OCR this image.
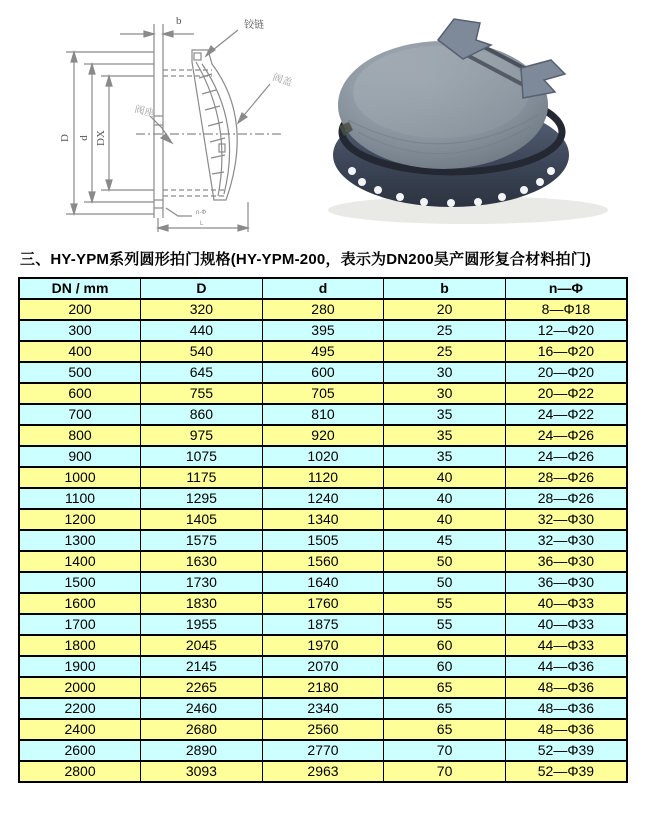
b	铰链
阀盖
阀座
D d DX
n-Φ
L
三、HY-YPM系列圆形拍门规格(HY-YPM-200，表示为DN200昊产圆形复合材料拍门)
DN / mm	D	d	b	n—Φ
200	320	280	20	8—Φ18
300	440	395	25	12—Φ20
400	540	495	25	16—Φ20
500	645	600	30	20—Φ20
600	755	705	30	20—Φ22
700	860	810	35	24—Φ22
800	975	920	35	24—Φ26
900	1075	1020	35	24—Φ26
1000	1175	1120	40	28—Φ26
1100	1295	1240	40	28—Φ26
1200	1405	1340	40	32—Φ30
1300	1575	1505	45	32—Φ30
1400	1630	1560	50	36—Φ30
1500	1730	1640	50	36—Φ30
1600	1830	1760	55	40—Φ33
1700	1955	1875	55	40—Φ33
1800	2045	1970	60	44—Φ33
1900	2145	2070	60	44—Φ36
2000	2265	2180	65	48—Φ36
2200	2460	2340	65	48—Φ36
2400	2680	2560	65	48—Φ36
2600	2890	2770	70	52—Φ39
2800	3093	2963	70	52—Φ39
